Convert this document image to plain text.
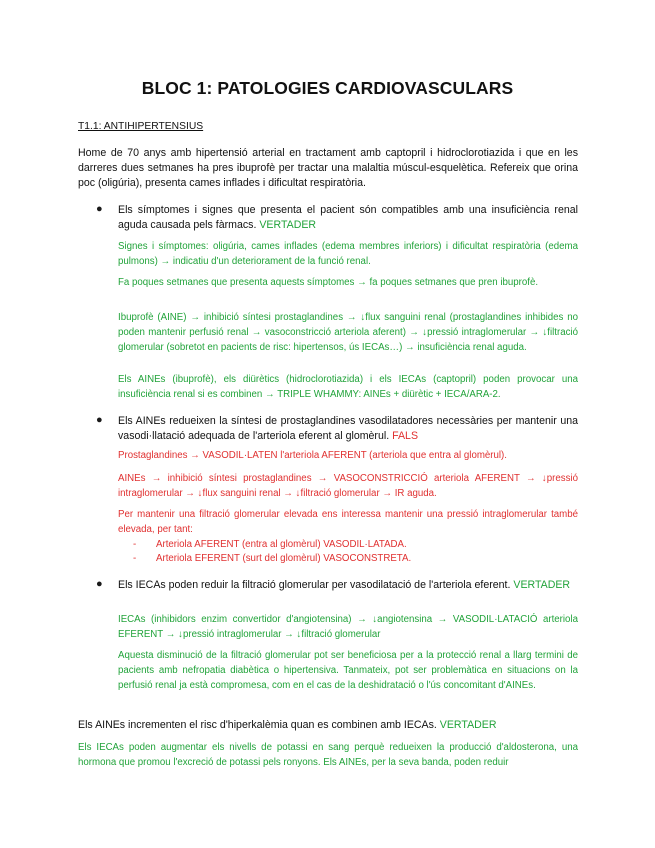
BLOC 1: PATOLOGIES CARDIOVASCULARS
T1.1: ANTIHIPERTENSIUS
Home de 70 anys amb hipertensió arterial en tractament amb captopril i hidroclorotiazida i que en les darreres dues setmanes ha pres ibuprofè per tractar una malaltia múscul-esquelètica. Refereix que orina poc (oligúria), presenta cames inflades i dificultat respiratòria.
● Els símptomes i signes que presenta el pacient són compatibles amb una insuficiència renal aguda causada pels fàrmacs. VERTADER
Signes i símptomes: oligúria, cames inflades (edema membres inferiors) i dificultat respiratòria (edema pulmons) → indicatiu d'un deteriorament de la funció renal.
Fa poques setmanes que presenta aquests símptomes → fa poques setmanes que pren ibuprofè.
Ibuprofè (AINE) → inhibició síntesi prostaglandines → ↓flux sanguini renal (prostaglandines inhibides no poden mantenir perfusió renal → vasoconstricció arteriola aferent) → ↓pressió intraglomerular → ↓filtració glomerular (sobretot en pacients de risc: hipertensos, ús IECAs…) → insuficiència renal aguda.
Els AINEs (ibuprofè), els diürètics (hidroclorotiazida) i els IECAs (captopril) poden provocar una insuficiència renal si es combinen → TRIPLE WHAMMY: AINEs + diürètic + IECA/ARA-2.
● Els AINEs redueixen la síntesi de prostaglandines vasodilatadores necessàries per mantenir una vasodi·llatació adequada de l'arteriola eferent al glomèrul. FALS
Prostaglandines → VASODIL·LATEN l'arteriola AFERENT (arteriola que entra al glomèrul).
AINEs → inhibició síntesi prostaglandines → VASOCONSTRICCIÓ arteriola AFERENT → ↓pressió intraglomerular → ↓flux sanguini renal → ↓filtració glomerular → IR aguda.
Per mantenir una filtració glomerular elevada ens interessa mantenir una pressió intraglomerular també elevada, per tant:
- Arteriola AFERENT (entra al glomèrul) VASODIL·LATADA.
- Arteriola EFERENT (surt del glomèrul) VASOCONSTRETA.
● Els IECAs poden reduir la filtració glomerular per vasodilatació de l'arteriola eferent. VERTADER
IECAs (inhibidors enzim convertidor d'angiotensina) → ↓angiotensina → VASODIL·LATACIÓ arteriola EFERENT → ↓pressió intraglomerular → ↓filtració glomerular
Aquesta disminució de la filtració glomerular pot ser beneficiosa per a la protecció renal a llarg termini de pacients amb nefropatia diabètica o hipertensiva. Tanmateix, pot ser problemàtica en situacions on la perfusió renal ja està compromesa, com en el cas de la deshidratació o l'ús concomitant d'AINEs.
Els AINEs incrementen el risc d'hiperkalèmia quan es combinen amb IECAs. VERTADER
Els IECAs poden augmentar els nivells de potassi en sang perquè redueixen la producció d'aldosterona, una hormona que promou l'excreció de potassi pels ronyons. Els AINEs, per la seva banda, poden reduir
